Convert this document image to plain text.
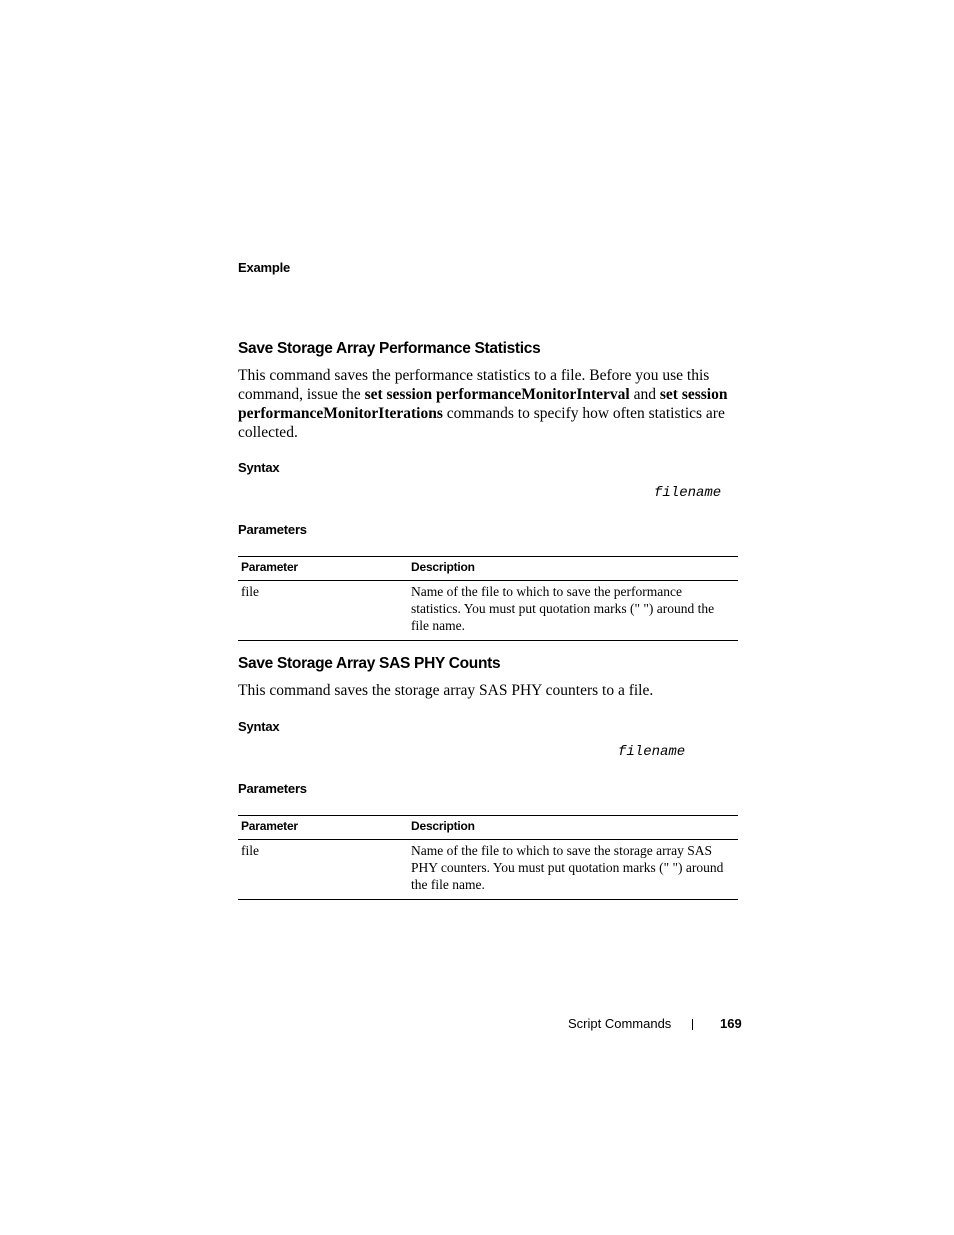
Example
Save Storage Array Performance Statistics
This command saves the performance statistics to a file. Before you use this command, issue the set session performanceMonitorInterval and set session performanceMonitorIterations commands to specify how often statistics are collected.
Syntax
filename
Parameters
Parameter	Description
file	Name of the file to which to save the performance statistics. You must put quotation marks (" ") around the file name.
Save Storage Array SAS PHY Counts
This command saves the storage array SAS PHY counters to a file.
Syntax
filename
Parameters
Parameter	Description
file	Name of the file to which to save the storage array SAS PHY counters. You must put quotation marks (" ") around the file name.
Script Commands	169
